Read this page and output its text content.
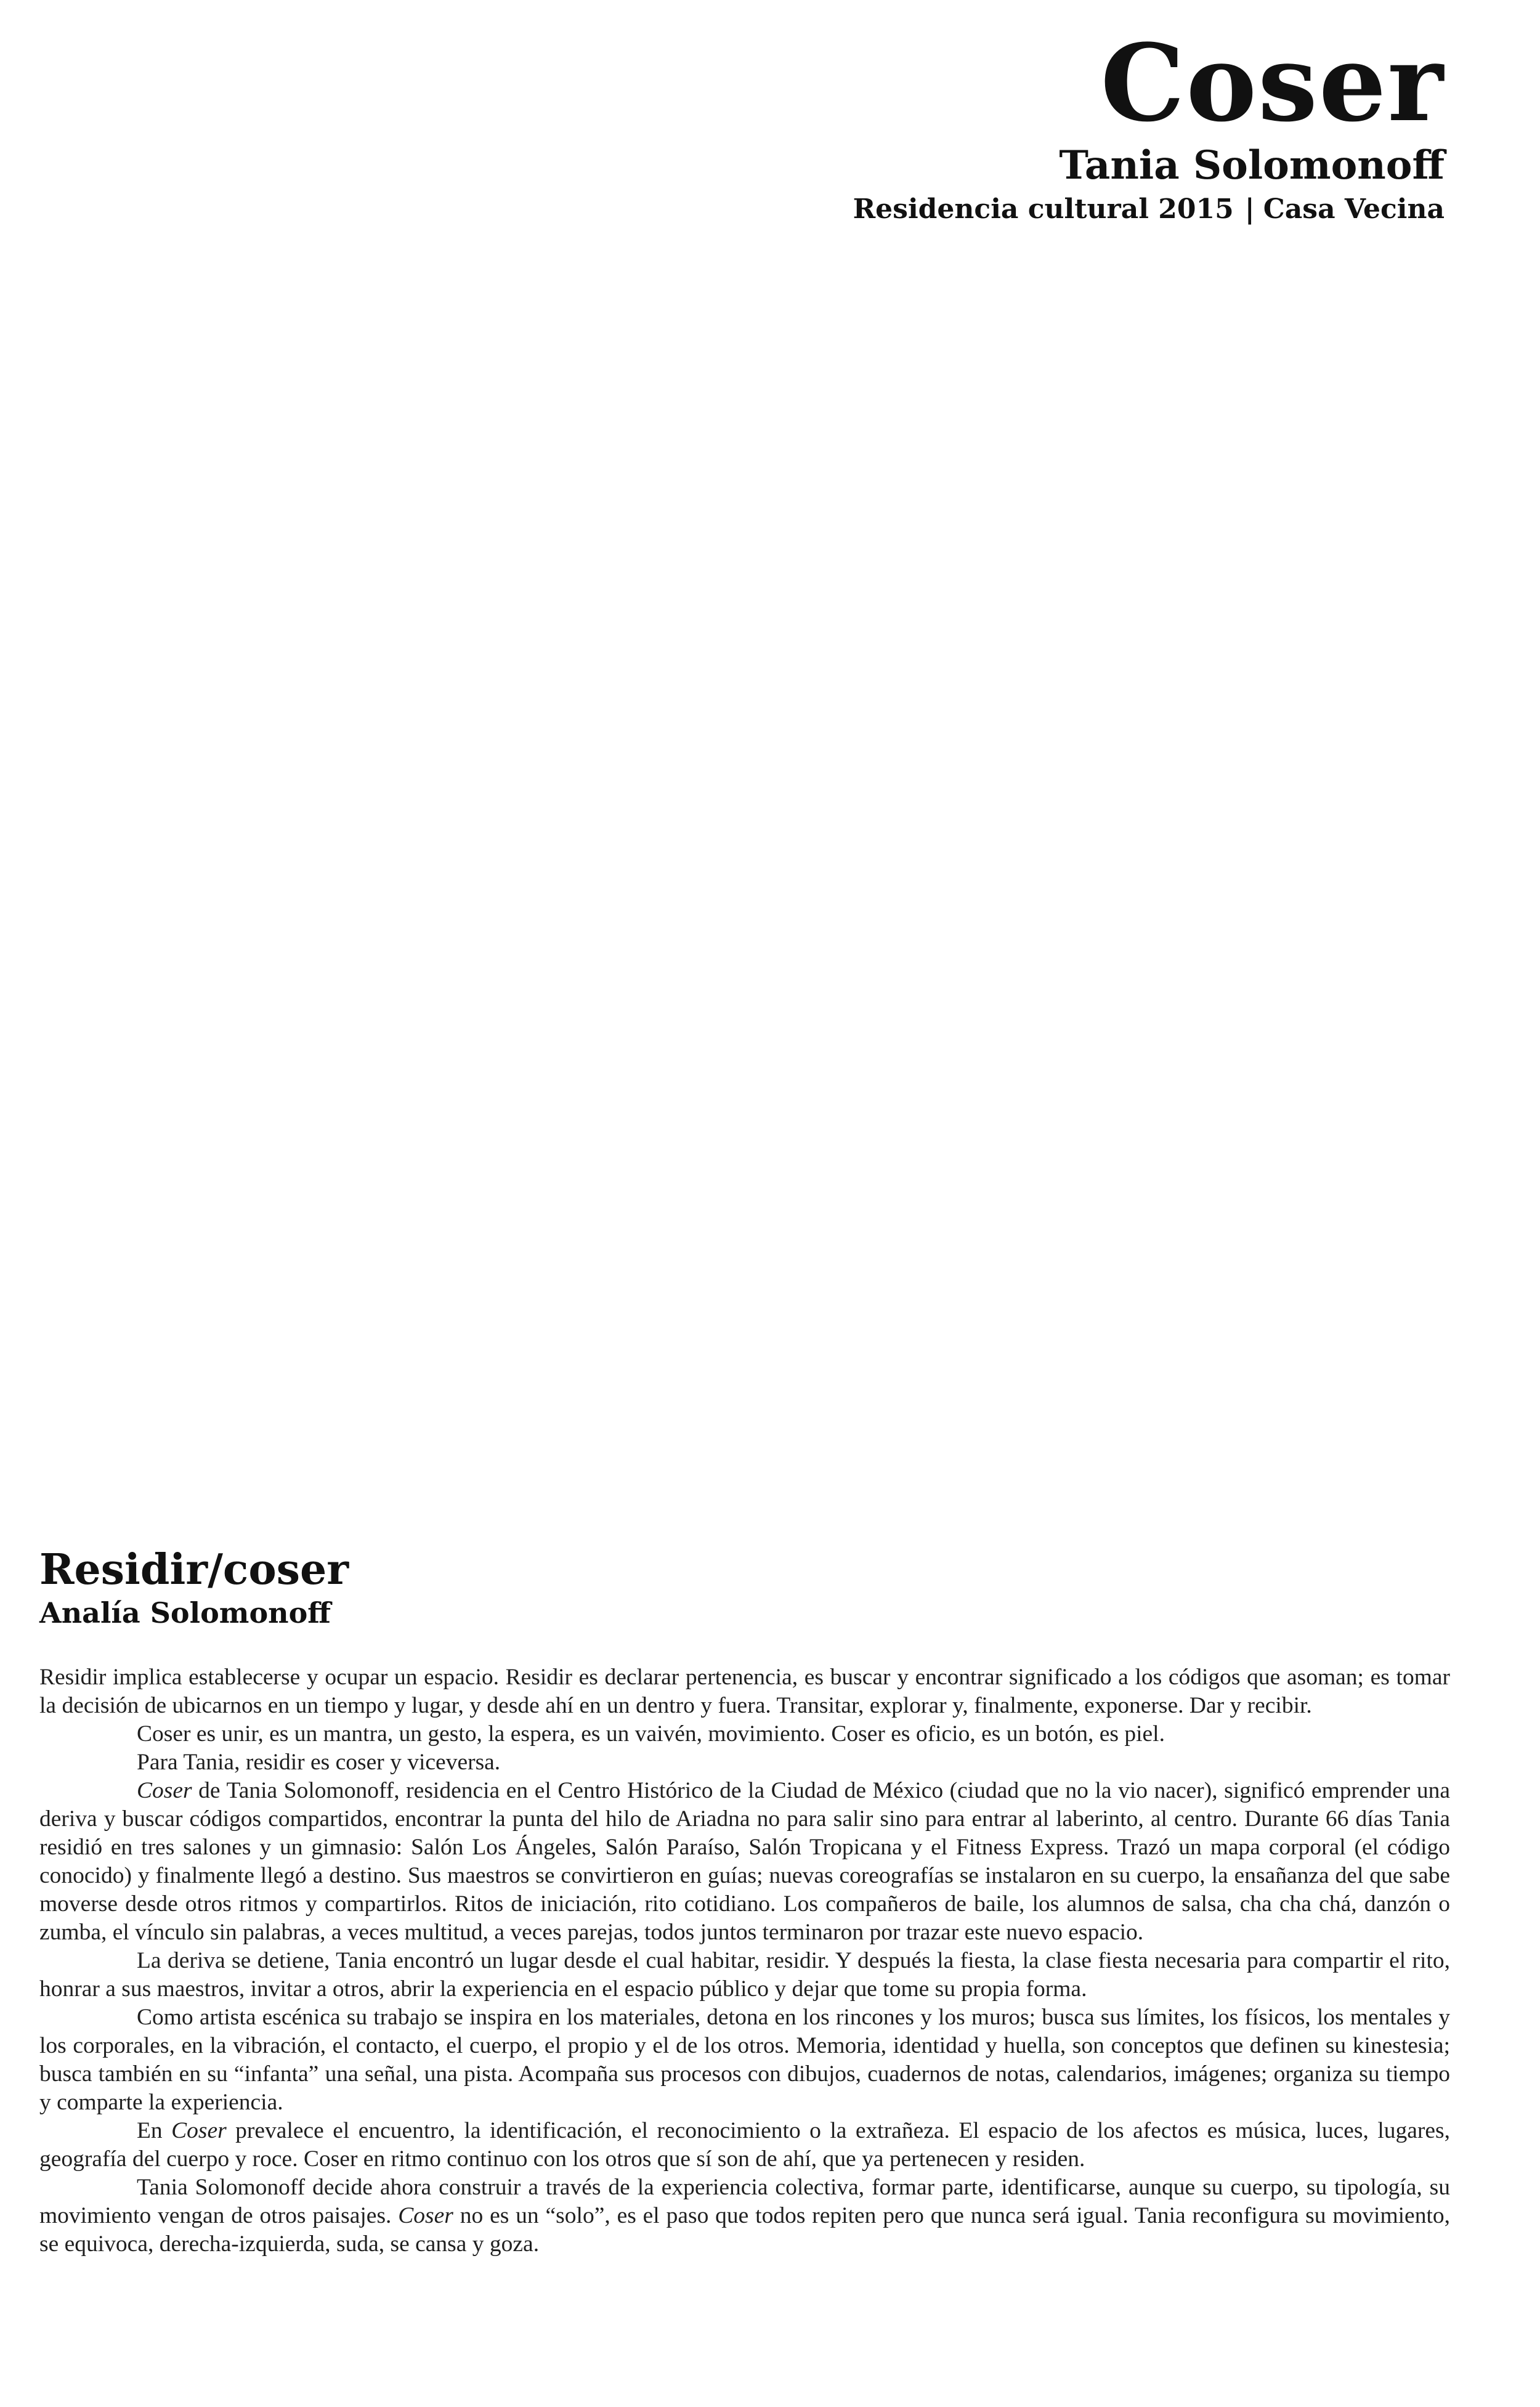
Coser
Tania Solomonoff
Residencia cultural 2015 | Casa Vecina
Residir/coser
Analía Solomonoff

Residir implica establecerse y ocupar un espacio. Residir es declarar pertenencia, es buscar y encontrar significado a los códigos que asoman; es tomar la decisión de ubicarnos en un tiempo y lugar, y desde ahí en un dentro y fuera. Transitar, explorar y, finalmente, exponerse. Dar y recibir.

Coser es unir, es un mantra, un gesto, la espera, es un vaivén, movimiento. Coser es oficio, es un botón, es piel.

Para Tania, residir es coser y viceversa.

Coser de Tania Solomonoff, residencia en el Centro Histórico de la Ciudad de México (ciudad que no la vio nacer), significó emprender una deriva y buscar códigos compartidos, encontrar la punta del hilo de Ariadna no para salir sino para entrar al laberinto, al centro. Durante 66 días Tania residió en tres salones y un gimnasio: Salón Los Ángeles, Salón Paraíso, Salón Tropicana y el Fitness Express. Trazó un mapa corporal (el código conocido) y finalmente llegó a destino. Sus maestros se convirtieron en guías; nuevas coreografías se instalaron en su cuerpo, la ensañanza del que sabe moverse desde otros ritmos y compartirlos. Ritos de iniciación, rito cotidiano. Los compañeros de baile, los alumnos de salsa, cha cha chá, danzón o zumba, el vínculo sin palabras, a veces multitud, a veces parejas, todos juntos terminaron por trazar este nuevo espacio.

La deriva se detiene, Tania encontró un lugar desde el cual habitar, residir. Y después la fiesta, la clase fiesta necesaria para compartir el rito, honrar a sus maestros, invitar a otros, abrir la experiencia en el espacio público y dejar que tome su propia forma.

Como artista escénica su trabajo se inspira en los materiales, detona en los rincones y los muros; busca sus límites, los físicos, los mentales y los corporales, en la vibración, el contacto, el cuerpo, el propio y el de los otros. Memoria, identidad y huella, son conceptos que definen su kinestesia; busca también en su “infanta” una señal, una pista. Acompaña sus procesos con dibujos, cuadernos de notas, calendarios, imágenes; organiza su tiempo y comparte la experiencia.

En Coser prevalece el encuentro, la identificación, el reconocimiento o la extrañeza. El espacio de los afectos es música, luces, lugares, geografía del cuerpo y roce. Coser en ritmo continuo con los otros que sí son de ahí, que ya pertenecen y residen.

Tania Solomonoff decide ahora construir a través de la experiencia colectiva, formar parte, identificarse, aunque su cuerpo, su tipología, su movimiento vengan de otros paisajes. Coser no es un “solo”, es el paso que todos repiten pero que nunca será igual. Tania reconfigura su movimiento, se equivoca, derecha-izquierda, suda, se cansa y goza.
